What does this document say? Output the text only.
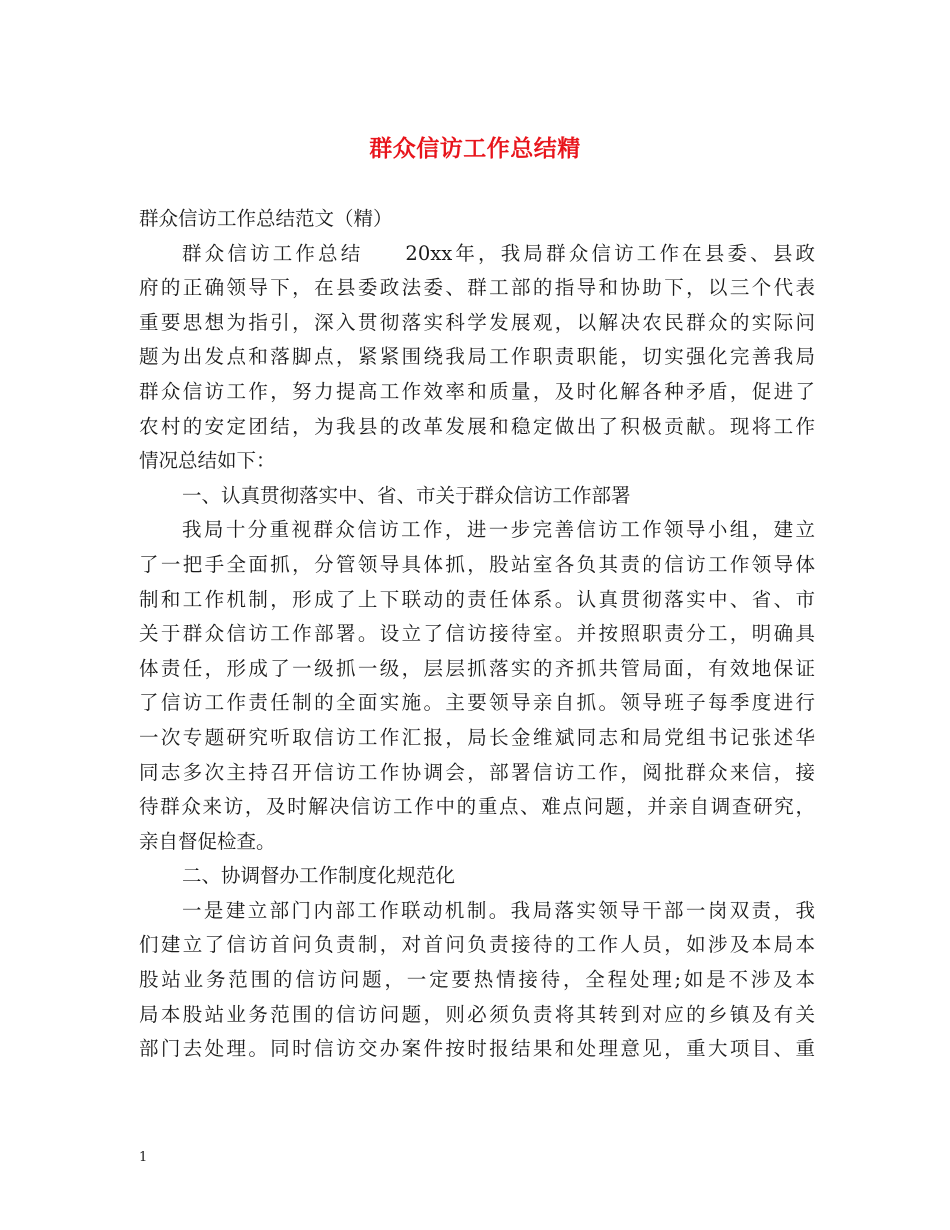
群众信访工作总结精
群众信访工作总结范文（精）
群众信访工作总结 20xx年，我局群众信访工作在县委、县政
府的正确领导下，在县委政法委、群工部的指导和协助下，以三个代表
重要思想为指引，深入贯彻落实科学发展观，以解决农民群众的实际问
题为出发点和落脚点，紧紧围绕我局工作职责职能，切实强化完善我局
群众信访工作，努力提高工作效率和质量，及时化解各种矛盾，促进了
农村的安定团结，为我县的改革发展和稳定做出了积极贡献。现将工作
情况总结如下：
一、认真贯彻落实中、省、市关于群众信访工作部署
我局十分重视群众信访工作，进一步完善信访工作领导小组，建立
了一把手全面抓，分管领导具体抓，股站室各负其责的信访工作领导体
制和工作机制，形成了上下联动的责任体系。认真贯彻落实中、省、市
关于群众信访工作部署。设立了信访接待室。并按照职责分工，明确具
体责任，形成了一级抓一级，层层抓落实的齐抓共管局面，有效地保证
了信访工作责任制的全面实施。主要领导亲自抓。领导班子每季度进行
一次专题研究听取信访工作汇报，局长金维斌同志和局党组书记张述华
同志多次主持召开信访工作协调会，部署信访工作，阅批群众来信，接
待群众来访，及时解决信访工作中的重点、难点问题，并亲自调查研究，
亲自督促检查。
二、协调督办工作制度化规范化
一是建立部门内部工作联动机制。我局落实领导干部一岗双责，我
们建立了信访首问负责制，对首问负责接待的工作人员，如涉及本局本
股站业务范围的信访问题，一定要热情接待，全程处理;如是不涉及本
局本股站业务范围的信访问题，则必须负责将其转到对应的乡镇及有关
部门去处理。同时信访交办案件按时报结果和处理意见，重大项目、重
1
